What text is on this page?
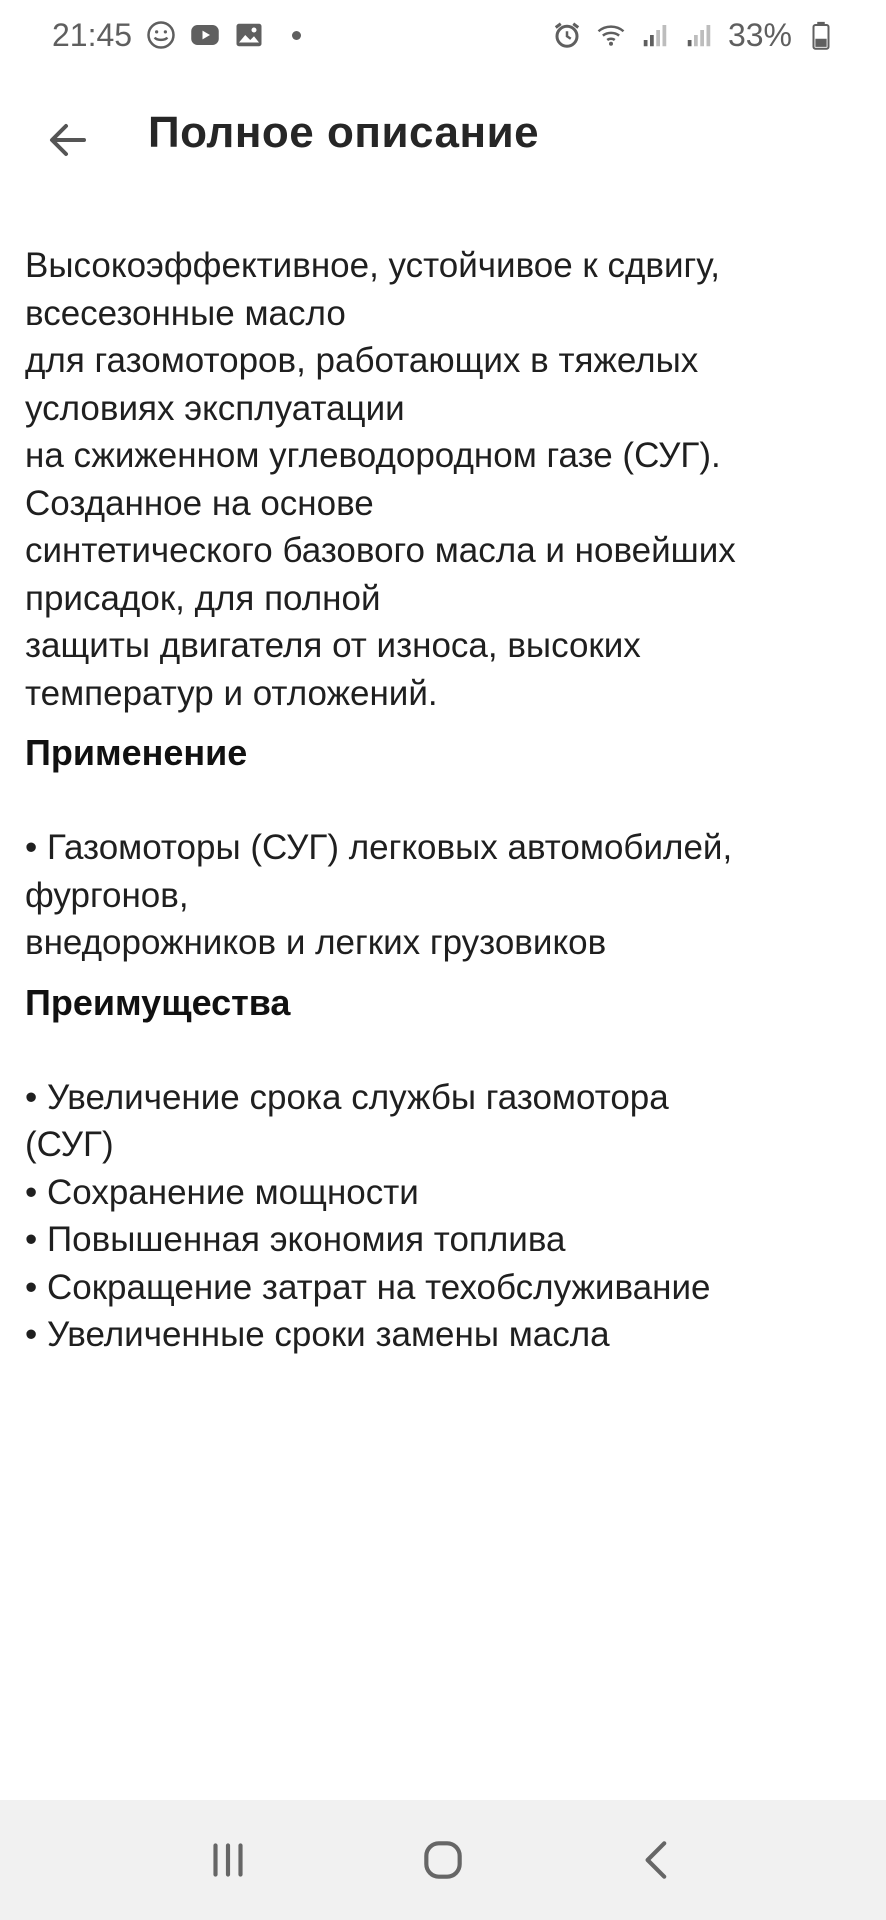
21:45	33%
Полное описание
Высокоэффективное, устойчивое к сдвигу,
всесезонные масло
для газомоторов, работающих в тяжелых
условиях эксплуатации
на сжиженном углеводородном газе (СУГ).
Созданное на основе
синтетического базового масла и новейших
присадок, для полной
защиты двигателя от износа, высоких
температур и отложений.
Применение
• Газомоторы (СУГ) легковых автомобилей,
фургонов,
внедорожников и легких грузовиков
Преимущества
• Увеличение срока службы газомотора
(СУГ)
• Сохранение мощности
• Повышенная экономия топлива
• Сокращение затрат на техобслуживание
• Увеличенные сроки замены масла
